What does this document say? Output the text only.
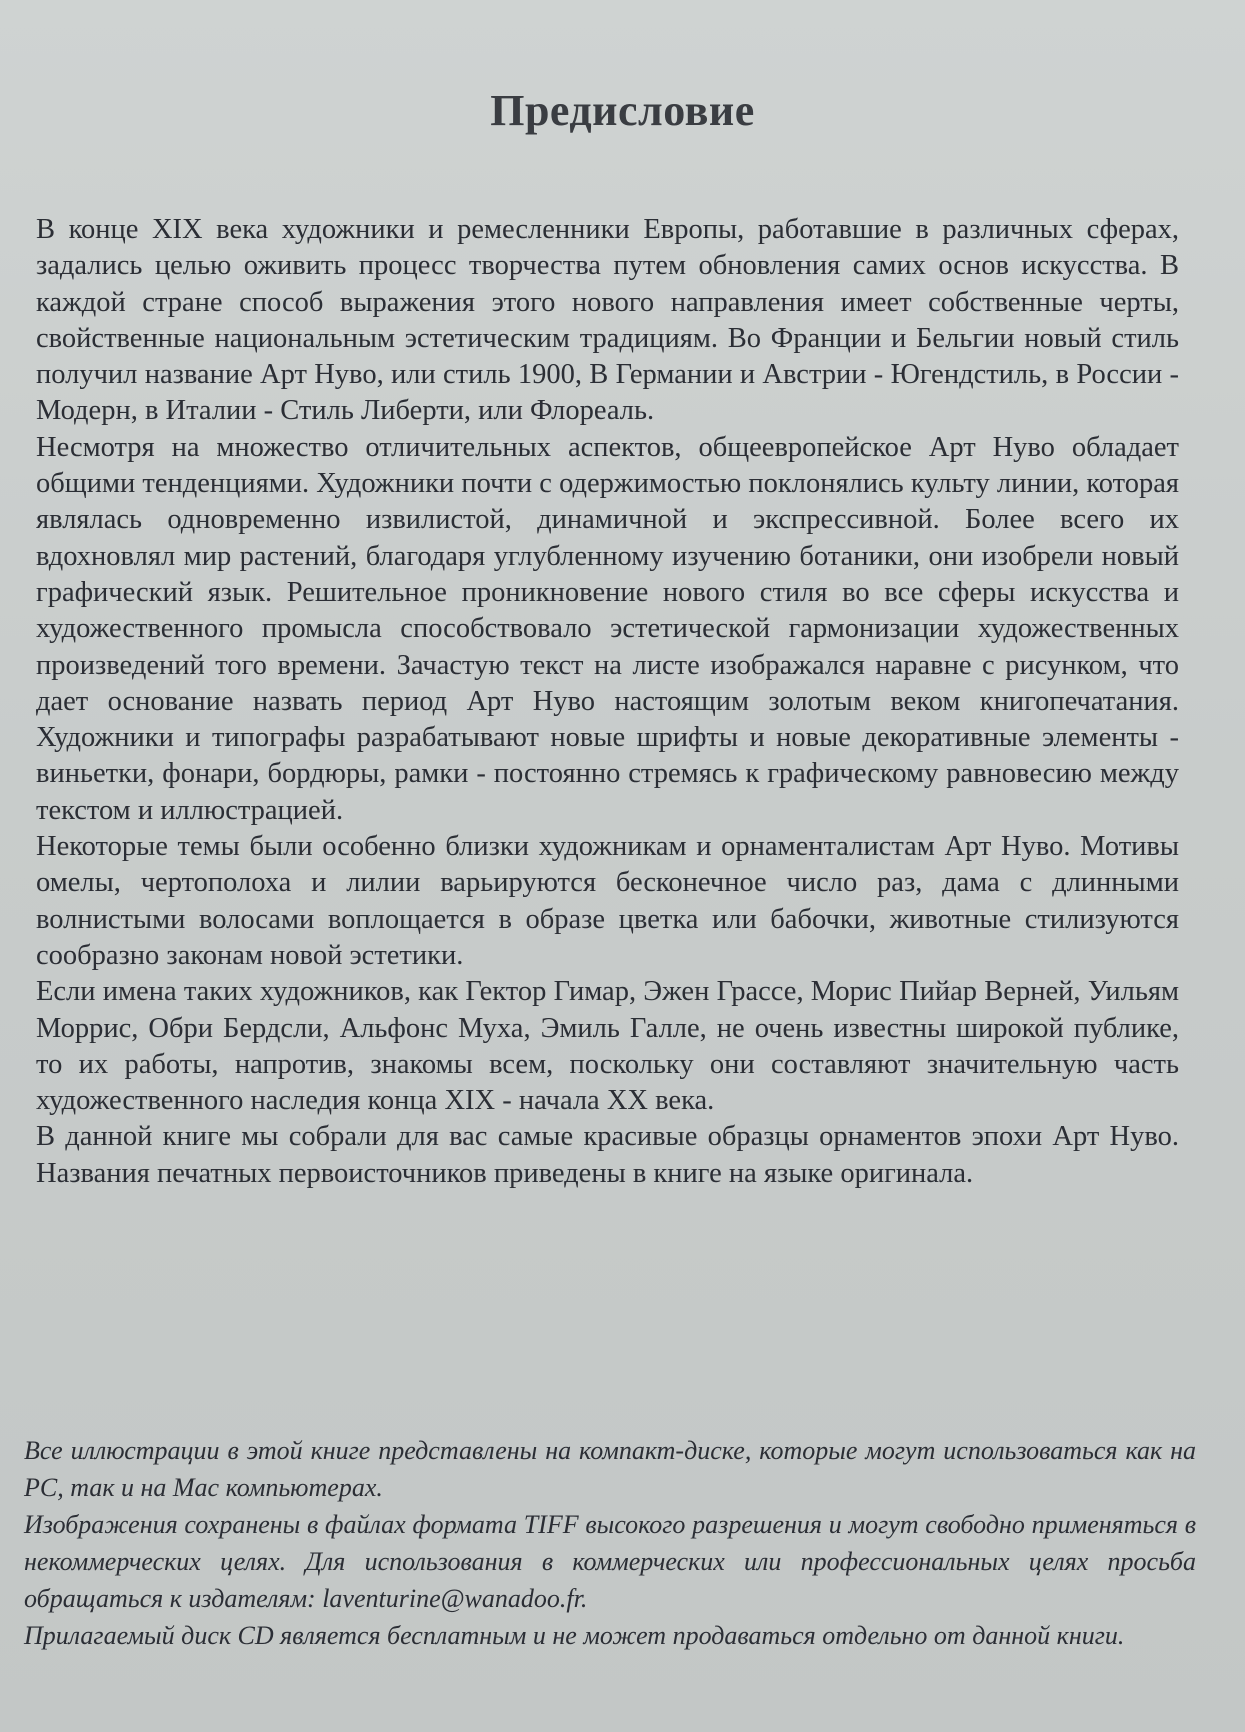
Предисловие

В конце XIX века художники и ремесленники Европы, работавшие в различных сферах, задались целью оживить процесс творчества путем обновления самих основ искусства. В каждой стране способ выражения этого нового направления имеет собственные черты, свойственные национальным эстетическим традициям. Во Франции и Бельгии новый стиль получил название Арт Нуво, или стиль 1900, В Германии и Австрии - Югендстиль, в России - Модерн, в Италии - Стиль Либерти, или Флореаль.

Несмотря на множество отличительных аспектов, общеевропейское Арт Нуво обладает общими тенденциями. Художники почти с одержимостью поклонялись культу линии, которая являлась одновременно извилистой, динамичной и экспрессивной. Более всего их вдохновлял мир растений, благодаря углубленному изучению ботаники, они изобрели новый графический язык. Решительное проникновение нового стиля во все сферы искусства и художественного промысла способствовало эстетической гармонизации художественных произведений того времени. Зачастую текст на листе изображался наравне с рисунком, что дает основание назвать период Арт Нуво настоящим золотым веком книгопечатания. Художники и типографы разрабатывают новые шрифты и новые декоративные элементы - виньетки, фонари, бордюры, рамки - постоянно стремясь к графическому равновесию между текстом и иллюстрацией.

Некоторые темы были особенно близки художникам и орнаменталистам Арт Нуво. Мотивы омелы, чертополоха и лилии варьируются бесконечное число раз, дама с длинными волнистыми волосами воплощается в образе цветка или бабочки, животные стилизуются сообразно законам новой эстетики.

Если имена таких художников, как Гектор Гимар, Эжен Грассе, Морис Пийар Верней, Уильям Моррис, Обри Бердсли, Альфонс Муха, Эмиль Галле, не очень известны широкой публике, то их работы, напротив, знакомы всем, поскольку они составляют значительную часть художественного наследия конца XIX - начала XX века.

В данной книге мы собрали для вас самые красивые образцы орнаментов эпохи Арт Нуво. Названия печатных первоисточников приведены в книге на языке оригинала.

Все иллюстрации в этой книге представлены на компакт-диске, которые могут использоваться как на PC, так и на Mac компьютерах.

Изображения сохранены в файлах формата TIFF высокого разрешения и могут свободно применяться в некоммерческих целях. Для использования в коммерческих или профессиональных целях просьба обращаться к издателям: laventurine@wanadoo.fr.

Прилагаемый диск CD является бесплатным и не может продаваться отдельно от данной книги.
